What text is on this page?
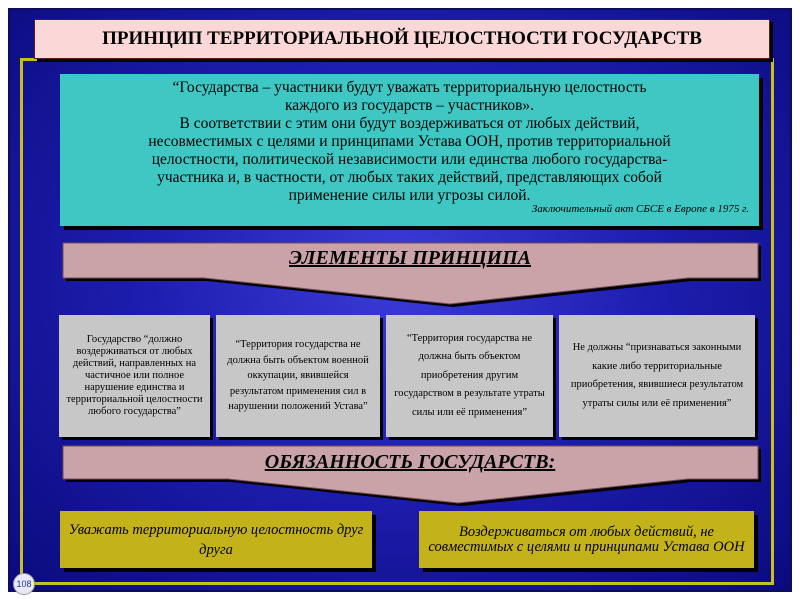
ПРИНЦИП ТЕРРИТОРИАЛЬНОЙ ЦЕЛОСТНОСТИ ГОСУДАРСТВ
“Государства – участники будут уважать территориальную целостность
каждого из государств – участников».
В соответствии с этим они будут воздерживаться от любых действий,
несовместимых с целями и принципами Устава ООН, против территориальной
целостности, политической независимости или единства любого государства-
участника и, в частности, от любых таких действий, представляющих собой
применение силы или угрозы силой.
Заключительный акт СБСЕ в Европе в 1975 г.
ЭЛЕМЕНТЫ ПРИНЦИПА
Государство “должно воздерживаться от любых действий, направленных на частичное или полное нарушение единства и территориальной целостности любого государства”
“Территория государства не должна быть объектом военной оккупации, явившейся результатом применения сил в нарушении положений Устава”
“Территория государства не должна быть объектом приобретения другим государством в результате утраты силы или её применения”
Не должны “признаваться законными какие либо территориальные приобретения, явившиеся результатом утраты силы или её применения”
ОБЯЗАННОСТЬ ГОСУДАРСТВ:
Уважать территориальную целостность друг друга
Воздерживаться от любых действий, не совместимых с целями и принципами Устава ООН
108
